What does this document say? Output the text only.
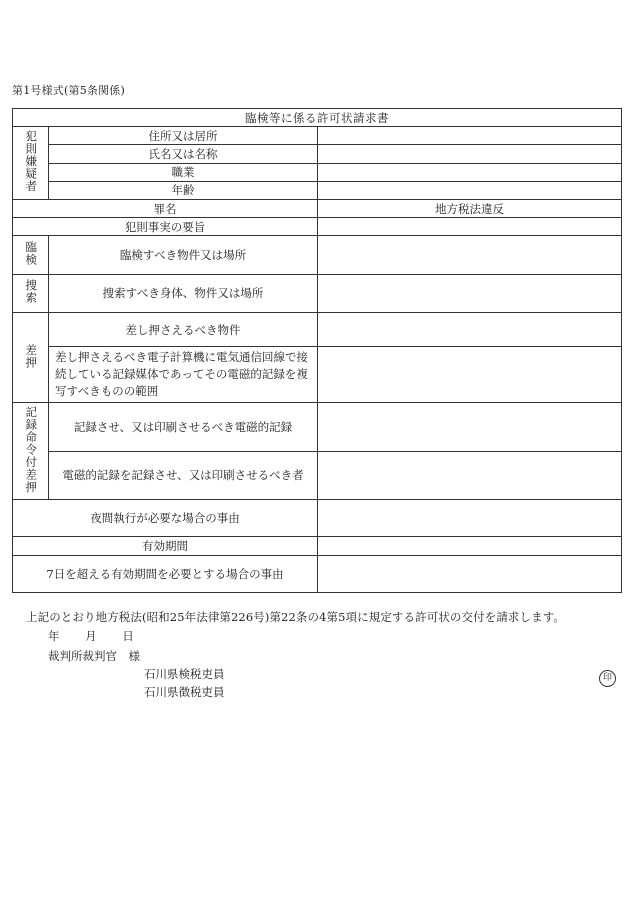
第1号様式(第5条関係)
臨検等に係る許可状請求書		
犯則嫌疑者	住所又は居所	
	氏名又は名称	
	職業	
	年齢	
罪名		地方税法違反
犯則事実の要旨		
臨検	臨検すべき物件又は場所	
捜索	捜索すべき身体、物件又は場所	
差押	差し押さえるべき物件	
	差し押さえるべき電子計算機に電気通信回線で接続している記録媒体であってその電磁的記録を複写すべきものの範囲	
記録命令付差押	記録させ、又は印刷させるべき電磁的記録	
	電磁的記録を記録させ、又は印刷させるべき者	
夜間執行が必要な場合の事由		
有効期間		
7日を超える有効期間を必要とする場合の事由		
上記のとおり地方税法(昭和25年法律第226号)第22条の4第5項に規定する許可状の交付を請求します。
年 月 日
裁判所裁判官　様
石川県検税吏員
石川県徴税吏員
印
